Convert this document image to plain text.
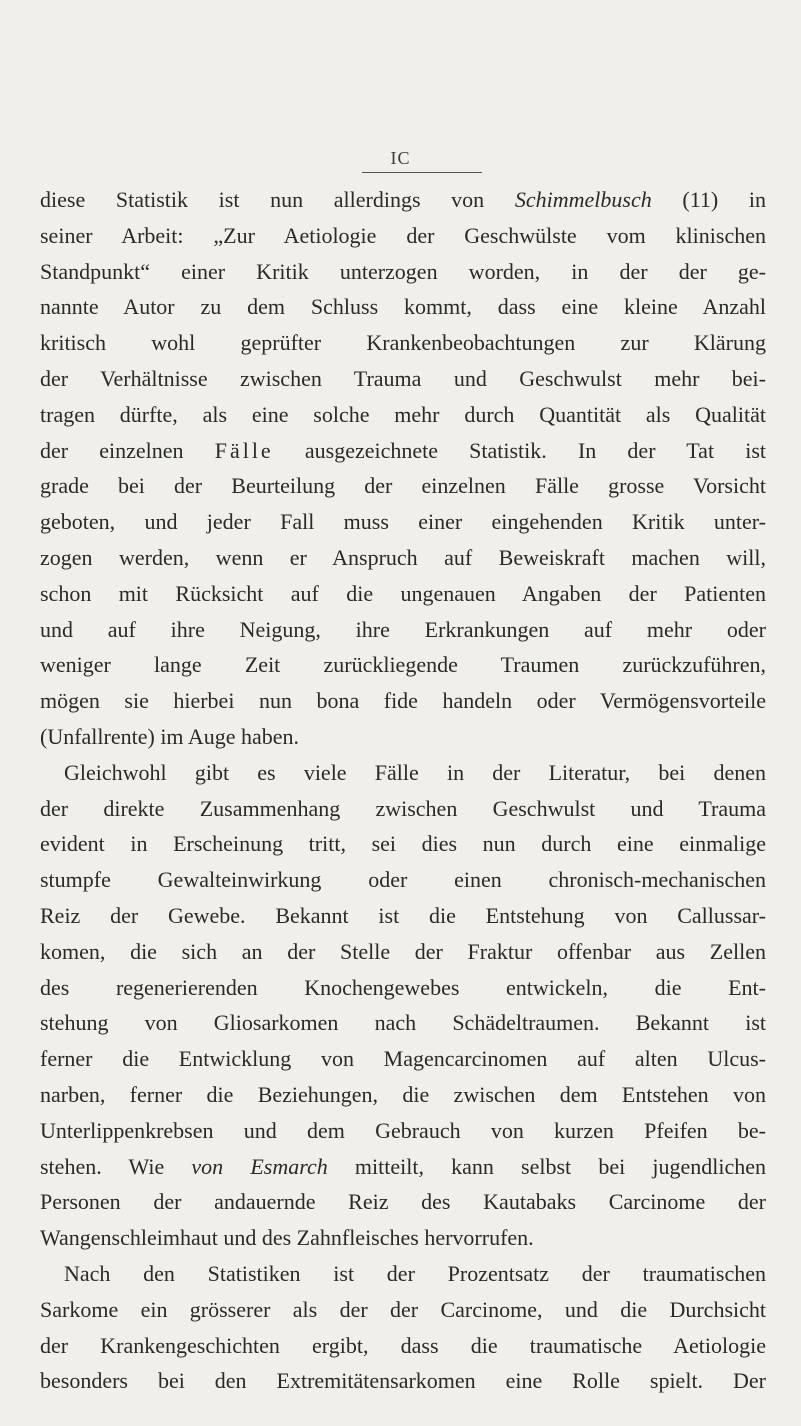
IC
diese Statistik ist nun allerdings von Schimmelbusch (11) in
seiner Arbeit: „Zur Aetiologie der Geschwülste vom klinischen
Standpunkt“ einer Kritik unterzogen worden, in der der ge-
nannte Autor zu dem Schluss kommt, dass eine kleine Anzahl
kritisch wohl geprüfter Krankenbeobachtungen zur Klärung
der Verhältnisse zwischen Trauma und Geschwulst mehr bei-
tragen dürfte, als eine solche mehr durch Quantität als Qualität
der einzelnen Fälle ausgezeichnete Statistik. In der Tat ist
grade bei der Beurteilung der einzelnen Fälle grosse Vorsicht
geboten, und jeder Fall muss einer eingehenden Kritik unter-
zogen werden, wenn er Anspruch auf Beweiskraft machen will,
schon mit Rücksicht auf die ungenauen Angaben der Patienten
und auf ihre Neigung, ihre Erkrankungen auf mehr oder
weniger lange Zeit zurückliegende Traumen zurückzuführen,
mögen sie hierbei nun bona fide handeln oder Vermögensvorteile
(Unfallrente) im Auge haben.
Gleichwohl gibt es viele Fälle in der Literatur, bei denen
der direkte Zusammenhang zwischen Geschwulst und Trauma
evident in Erscheinung tritt, sei dies nun durch eine einmalige
stumpfe Gewalteinwirkung oder einen chronisch-mechanischen
Reiz der Gewebe. Bekannt ist die Entstehung von Callussar-
komen, die sich an der Stelle der Fraktur offenbar aus Zellen
des regenerierenden Knochengewebes entwickeln, die Ent-
stehung von Gliosarkomen nach Schädeltraumen. Bekannt ist
ferner die Entwicklung von Magencarcinomen auf alten Ulcus-
narben, ferner die Beziehungen, die zwischen dem Entstehen von
Unterlippenkrebsen und dem Gebrauch von kurzen Pfeifen be-
stehen. Wie von Esmarch mitteilt, kann selbst bei jugendlichen
Personen der andauernde Reiz des Kautabaks Carcinome der
Wangenschleimhaut und des Zahnfleisches hervorrufen.
Nach den Statistiken ist der Prozentsatz der traumatischen
Sarkome ein grösserer als der der Carcinome, und die Durchsicht
der Krankengeschichten ergibt, dass die traumatische Aetiologie
besonders bei den Extremitätensarkomen eine Rolle spielt. Der
